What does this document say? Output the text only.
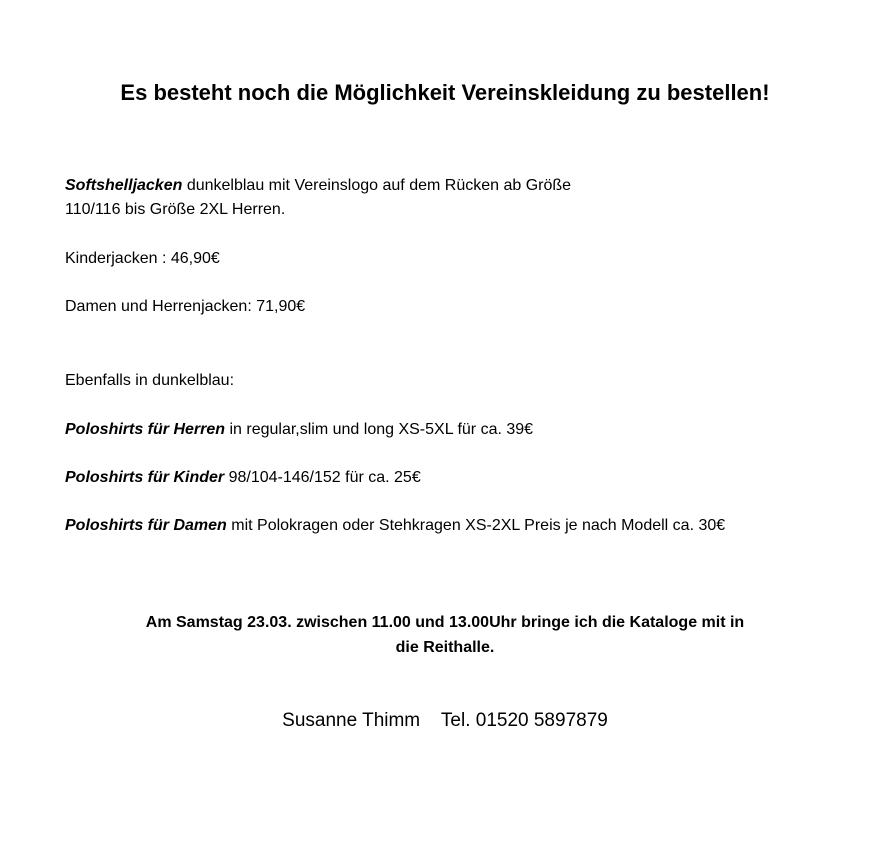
Es besteht noch die Möglichkeit Vereinskleidung zu bestellen!
Softshelljacken dunkelblau mit Vereinslogo auf dem Rücken ab Größe
110/116 bis Größe 2XL Herren.
Kinderjacken : 46,90€
Damen und Herrenjacken: 71,90€
Ebenfalls in dunkelblau:
Poloshirts für Herren in regular,slim und long XS-5XL für ca. 39€
Poloshirts für Kinder 98/104-146/152 für ca. 25€
Poloshirts für Damen mit Polokragen oder Stehkragen XS-2XL Preis je nach Modell ca. 30€
Am Samstag 23.03. zwischen 11.00 und 13.00Uhr bringe ich die Kataloge mit in
die Reithalle.
Susanne Thimm    Tel. 01520 5897879
